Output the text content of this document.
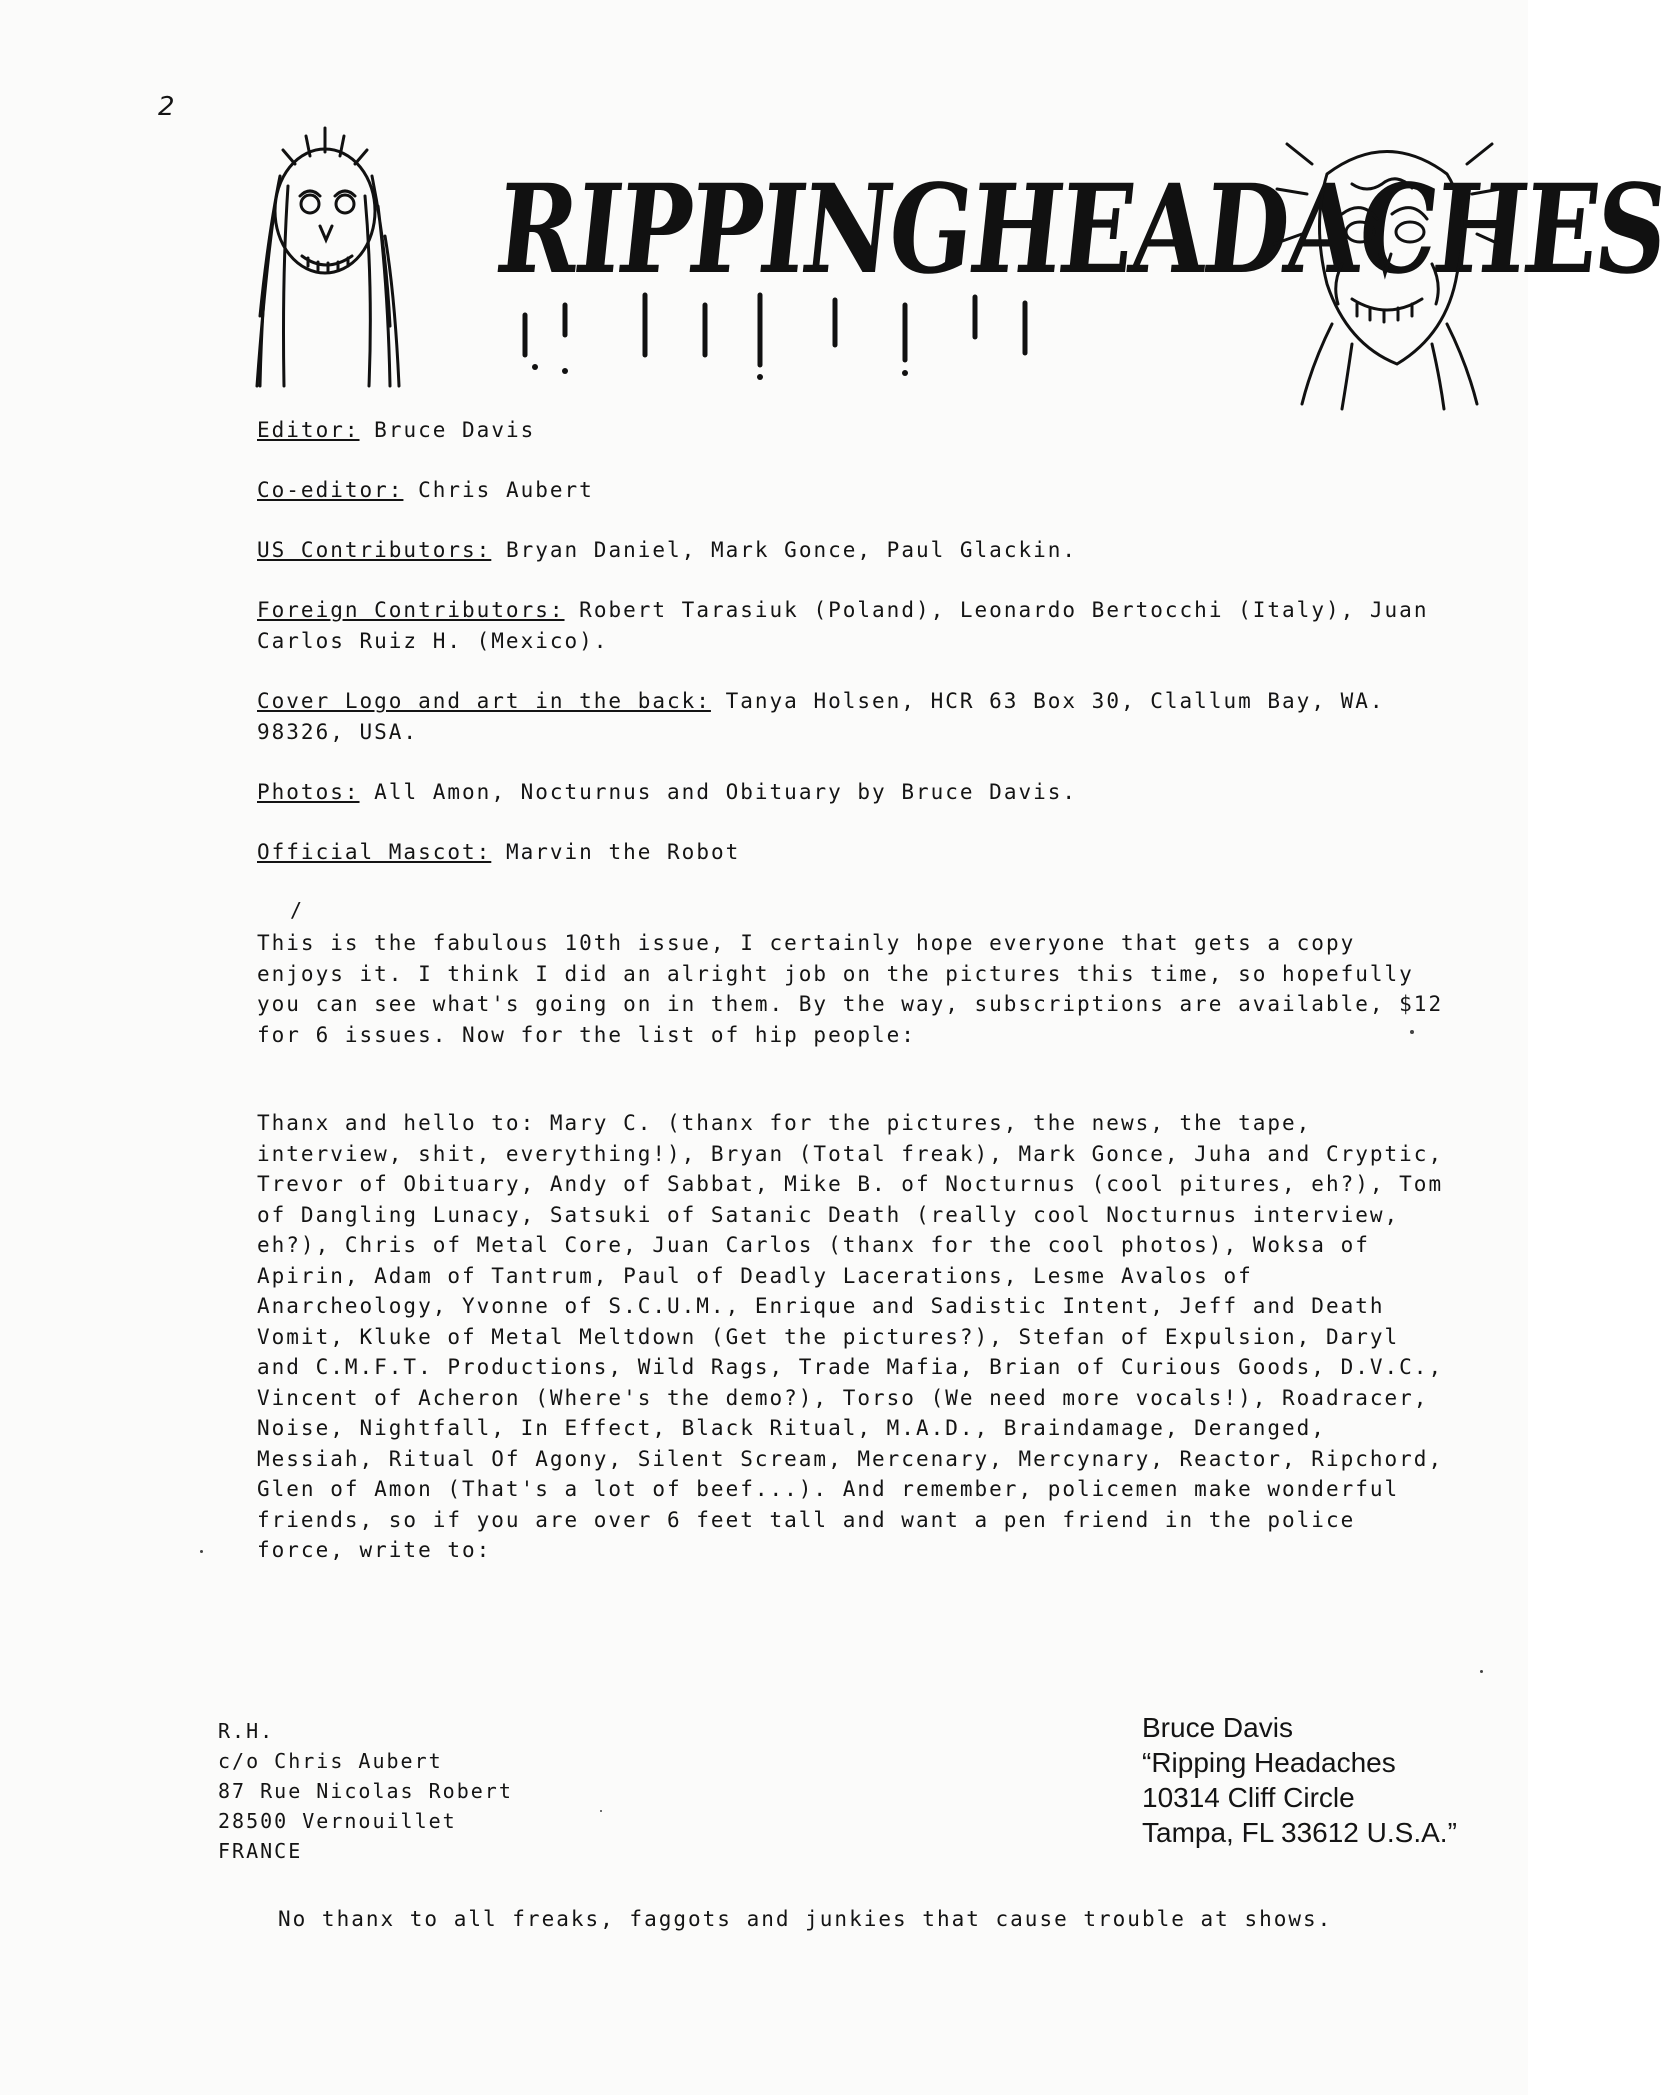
2
RIPPINGHEADACHES

Editor: Bruce Davis

Co-editor: Chris Aubert

US Contributors: Bryan Daniel, Mark Gonce, Paul Glackin.

Foreign Contributors: Robert Tarasiuk (Poland), Leonardo Bertocchi (Italy), Juan Carlos Ruiz H. (Mexico).

Cover Logo and art in the back: Tanya Holsen, HCR 63 Box 30, Clallum Bay, WA. 98326, USA.

Photos: All Amon, Nocturnus and Obituary by Bruce Davis.

Official Mascot: Marvin the Robot

/

This is the fabulous 10th issue, I certainly hope everyone that gets a copy enjoys it. I think I did an alright job on the pictures this time, so hopefully you can see what's going on in them. By the way, subscriptions are available, $12 for 6 issues. Now for the list of hip people:

Thanx and hello to: Mary C. (thanx for the pictures, the news, the tape, interview, shit, everything!), Bryan (Total freak), Mark Gonce, Juha and Cryptic, Trevor of Obituary, Andy of Sabbat, Mike B. of Nocturnus (cool pitures, eh?), Tom of Dangling Lunacy, Satsuki of Satanic Death (really cool Nocturnus interview, eh?), Chris of Metal Core, Juan Carlos (thanx for the cool photos), Woksa of Apirin, Adam of Tantrum, Paul of Deadly Lacerations, Lesme Avalos of Anarcheology, Yvonne of S.C.U.M., Enrique and Sadistic Intent, Jeff and Death Vomit, Kluke of Metal Meltdown (Get the pictures?), Stefan of Expulsion, Daryl and C.M.F.T. Productions, Wild Rags, Trade Mafia, Brian of Curious Goods, D.V.C., Vincent of Acheron (Where's the demo?), Torso (We need more vocals!), Roadracer, Noise, Nightfall, In Effect, Black Ritual, M.A.D., Braindamage, Deranged, Messiah, Ritual Of Agony, Silent Scream, Mercenary, Mercynary, Reactor, Ripchord, Glen of Amon (That's a lot of beef...). And remember, policemen make wonderful friends, so if you are over 6 feet tall and want a pen friend in the police force, write to:

R.H.
c/o Chris Aubert
87 Rue Nicolas Robert
28500 Vernouillet
FRANCE
Bruce Davis
“Ripping Headaches
10314 Cliff Circle
Tampa, FL 33612 U.S.A.”

No thanx to all freaks, faggots and junkies that cause trouble at shows.
